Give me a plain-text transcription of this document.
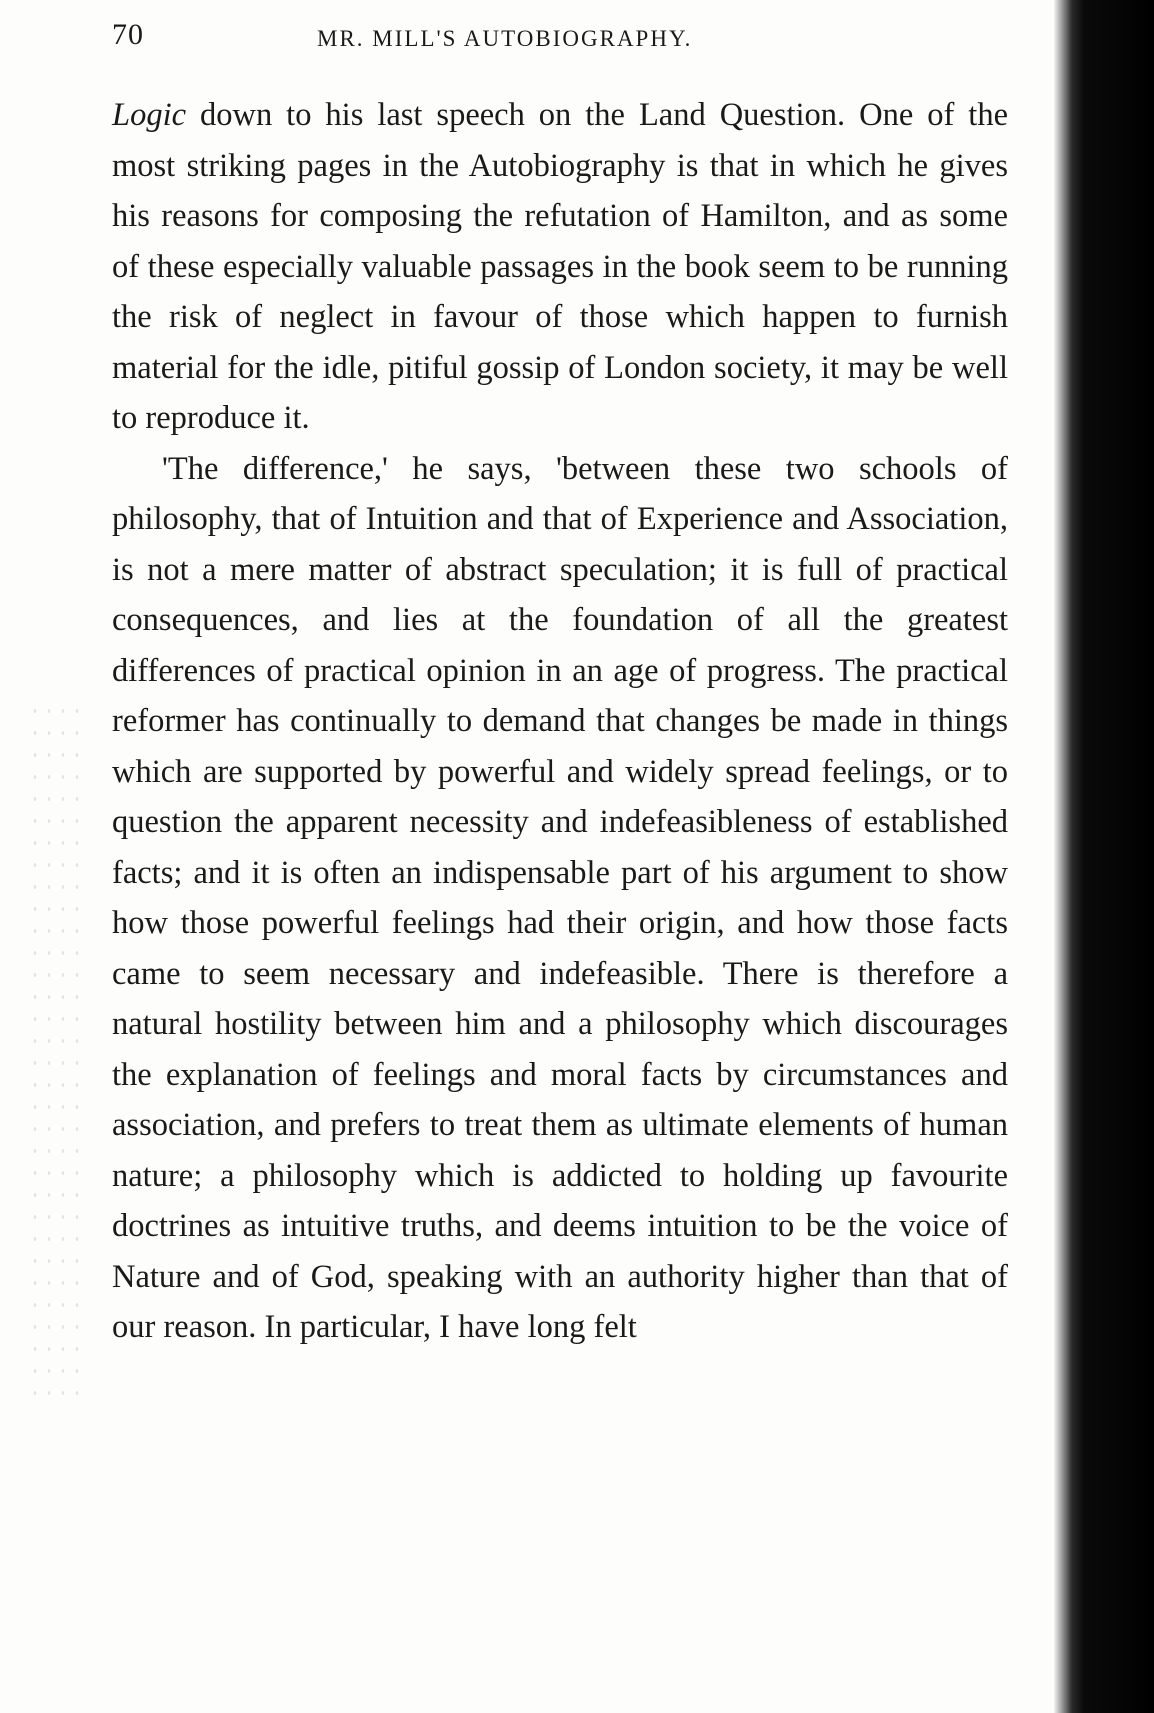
70	MR. MILL'S AUTOBIOGRAPHY.

Logic down to his last speech on the Land Question. One of the most striking pages in the Autobiography is that in which he gives his reasons for composing the refutation of Hamilton, and as some of these especially valuable passages in the book seem to be running the risk of neglect in favour of those which happen to furnish material for the idle, pitiful gossip of London society, it may be well to reproduce it.

'The difference,' he says, 'between these two schools of philosophy, that of Intuition and that of Experience and Association, is not a mere matter of abstract speculation; it is full of practical consequences, and lies at the foundation of all the greatest differences of practical opinion in an age of progress. The practical reformer has continually to demand that changes be made in things which are supported by powerful and widely spread feelings, or to question the apparent necessity and indefeasibleness of established facts; and it is often an indispensable part of his argument to show how those powerful feelings had their origin, and how those facts came to seem necessary and indefeasible. There is therefore a natural hostility between him and a philosophy which discourages the explanation of feelings and moral facts by circumstances and association, and prefers to treat them as ultimate elements of human nature; a philosophy which is addicted to holding up favourite doctrines as intuitive truths, and deems intuition to be the voice of Nature and of God, speaking with an authority higher than that of our reason. In particular, I have long felt
